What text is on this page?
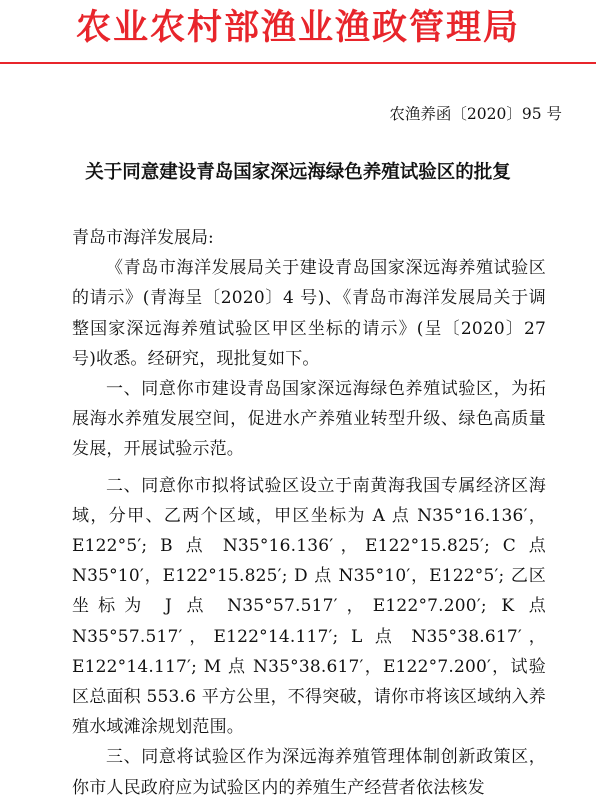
农业农村部渔业渔政管理局
农渔养函〔2020〕95 号
关于同意建设青岛国家深远海绿色养殖试验区的批复

青岛市海洋发展局:

《青岛市海洋发展局关于建设青岛国家深远海养殖试验区的请示》(青海呈〔2020〕4 号)、《青岛市海洋发展局关于调整国家深远海养殖试验区甲区坐标的请示》(呈〔2020〕27 号)收悉。经研究，现批复如下。

一、同意你市建设青岛国家深远海绿色养殖试验区，为拓展海水养殖发展空间，促进水产养殖业转型升级、绿色高质量发展，开展试验示范。

二、同意你市拟将试验区设立于南黄海我国专属经济区海域，分甲、乙两个区域，甲区坐标为 A 点 N35°16.136′，E122°5′; B 点 N35°16.136′，E122°15.825′; C 点 N35°10′，E122°15.825′; D 点 N35°10′，E122°5′; 乙区坐标为 J 点 N35°57.517′，E122°7.200′; K 点 N35°57.517′，E122°14.117′; L 点 N35°38.617′，E122°14.117′; M 点 N35°38.617′，E122°7.200′，试验区总面积 553.6 平方公里，不得突破，请你市将该区域纳入养殖水域滩涂规划范围。

三、同意将试验区作为深远海养殖管理体制创新政策区，你市人民政府应为试验区内的养殖生产经营者依法核发
